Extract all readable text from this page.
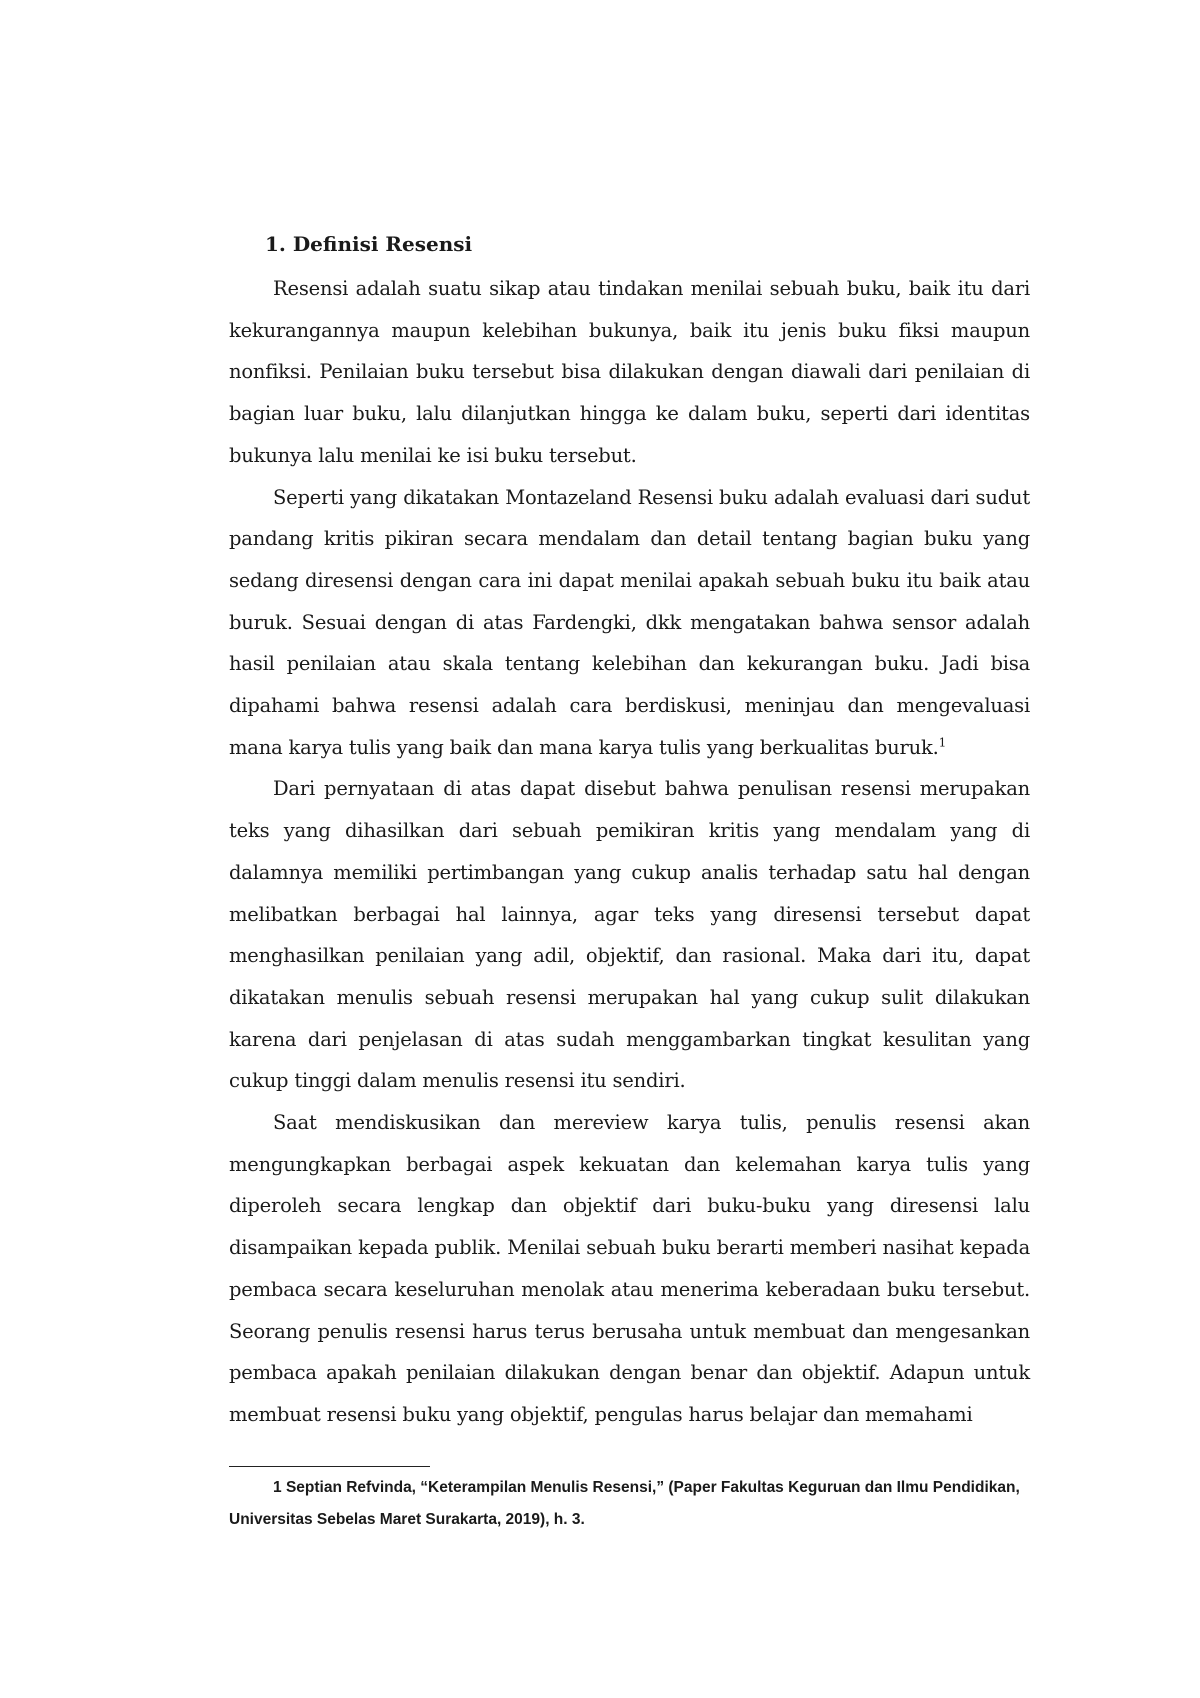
1. Definisi Resensi

Resensi adalah suatu sikap atau tindakan menilai sebuah buku, baik itu dari kekurangannya maupun kelebihan bukunya, baik itu jenis buku fiksi maupun nonfiksi. Penilaian buku tersebut bisa dilakukan dengan diawali dari penilaian di bagian luar buku, lalu dilanjutkan hingga ke dalam buku, seperti dari identitas bukunya lalu menilai ke isi buku tersebut.

Seperti yang dikatakan Montazeland Resensi buku adalah evaluasi dari sudut pandang kritis pikiran secara mendalam dan detail tentang bagian buku yang sedang diresensi dengan cara ini dapat menilai apakah sebuah buku itu baik atau buruk. Sesuai dengan di atas Fardengki, dkk mengatakan bahwa sensor adalah hasil penilaian atau skala tentang kelebihan dan kekurangan buku. Jadi bisa dipahami bahwa resensi adalah cara berdiskusi, meninjau dan mengevaluasi mana karya tulis yang baik dan mana karya tulis yang berkualitas buruk.$^1$

Dari pernyataan di atas dapat disebut bahwa penulisan resensi merupakan teks yang dihasilkan dari sebuah pemikiran kritis yang mendalam yang di dalamnya memiliki pertimbangan yang cukup analis terhadap satu hal dengan melibatkan berbagai hal lainnya, agar teks yang diresensi tersebut dapat menghasilkan penilaian yang adil, objektif, dan rasional. Maka dari itu, dapat dikatakan menulis sebuah resensi merupakan hal yang cukup sulit dilakukan karena dari penjelasan di atas sudah menggambarkan tingkat kesulitan yang cukup tinggi dalam menulis resensi itu sendiri.

Saat mendiskusikan dan mereview karya tulis, penulis resensi akan mengungkapkan berbagai aspek kekuatan dan kelemahan karya tulis yang diperoleh secara lengkap dan objektif dari buku-buku yang diresensi lalu disampaikan kepada publik. Menilai sebuah buku berarti memberi nasihat kepada pembaca secara keseluruhan menolak atau menerima keberadaan buku tersebut. Seorang penulis resensi harus terus berusaha untuk membuat dan mengesankan pembaca apakah penilaian dilakukan dengan benar dan objektif. Adapun untuk membuat resensi buku yang objektif, pengulas harus belajar dan memahami

1 Septian Refvinda, “Keterampilan Menulis Resensi,” (Paper Fakultas Keguruan dan Ilmu Pendidikan, Universitas Sebelas Maret Surakarta, 2019), h. 3.
